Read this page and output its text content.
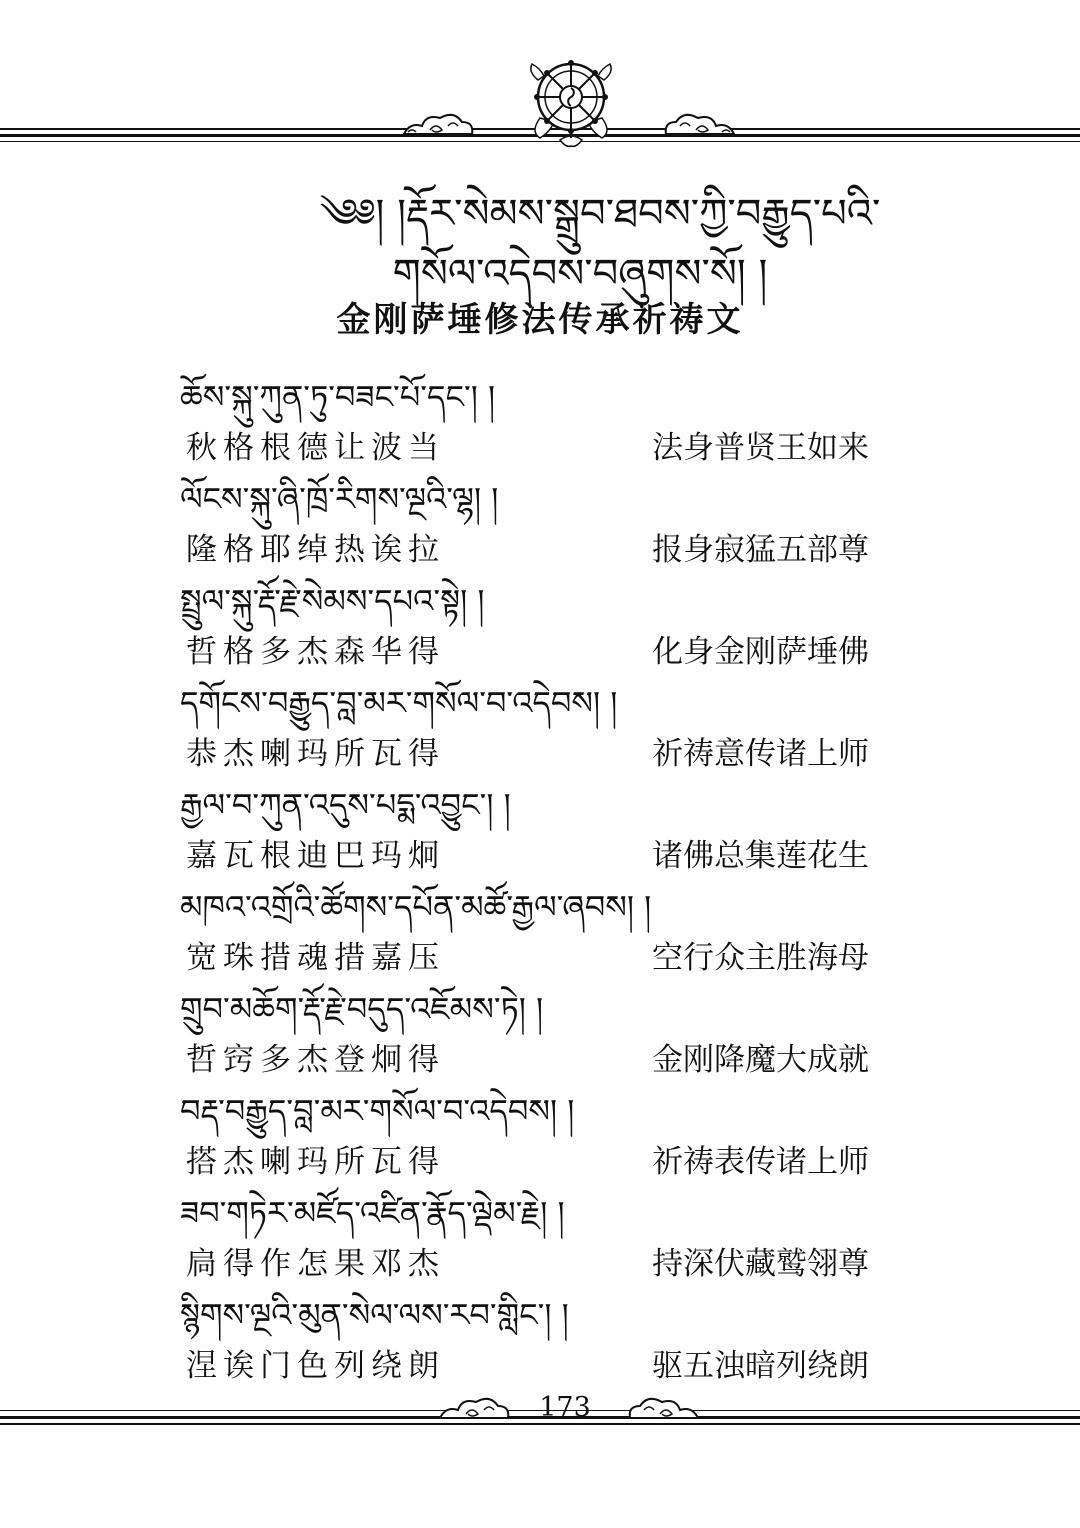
༄༅། །རྡོར་སེམས་སྒྲུབ་ཐབས་ཀྱི་བརྒྱུད་པའི་
གསོལ་འདེབས་བཞུགས་སོ། །
金刚萨埵修法传承祈祷文
ཆོས་སྐུ་ཀུན་ཏུ་བཟང་པོ་དང་། །
秋格根德让波当	法身普贤王如来
ལོངས་སྐུ་ཞི་ཁྲོ་རིགས་ལྔའི་ལྷ། །
隆格耶绰热诶拉	报身寂猛五部尊
སྤྲུལ་སྐུ་རྡོ་རྗེ་སེམས་དཔའ་སྟེ། །
哲格多杰森华得	化身金刚萨埵佛
དགོངས་བརྒྱུད་བླ་མར་གསོལ་བ་འདེབས། །
恭杰喇玛所瓦得	祈祷意传诸上师
རྒྱལ་བ་ཀུན་འདུས་པདྨ་འབྱུང་། །
嘉瓦根迪巴玛炯	诸佛总集莲花生
མཁའ་འགྲོའི་ཚོགས་དཔོན་མཚོ་རྒྱལ་ཞབས། །
宽珠措魂措嘉压	空行众主胜海母
གྲུབ་མཆོག་རྡོ་རྗེ་བདུད་འཇོམས་ཏེ། །
哲窍多杰登炯得	金刚降魔大成就
བརྡ་བརྒྱུད་བླ་མར་གསོལ་བ་འདེབས། །
搭杰喇玛所瓦得	祈祷表传诸上师
ཟབ་གཏེར་མཛོད་འཛིན་རྣོད་ལྡེམ་རྗེ། །
扃得作怎果邓杰	持深伏藏鹫翎尊
སྙིགས་ལྔའི་མུན་སེལ་ལས་རབ་གླིང་། །
涅诶门色列绕朗	驱五浊暗列绕朗
173
